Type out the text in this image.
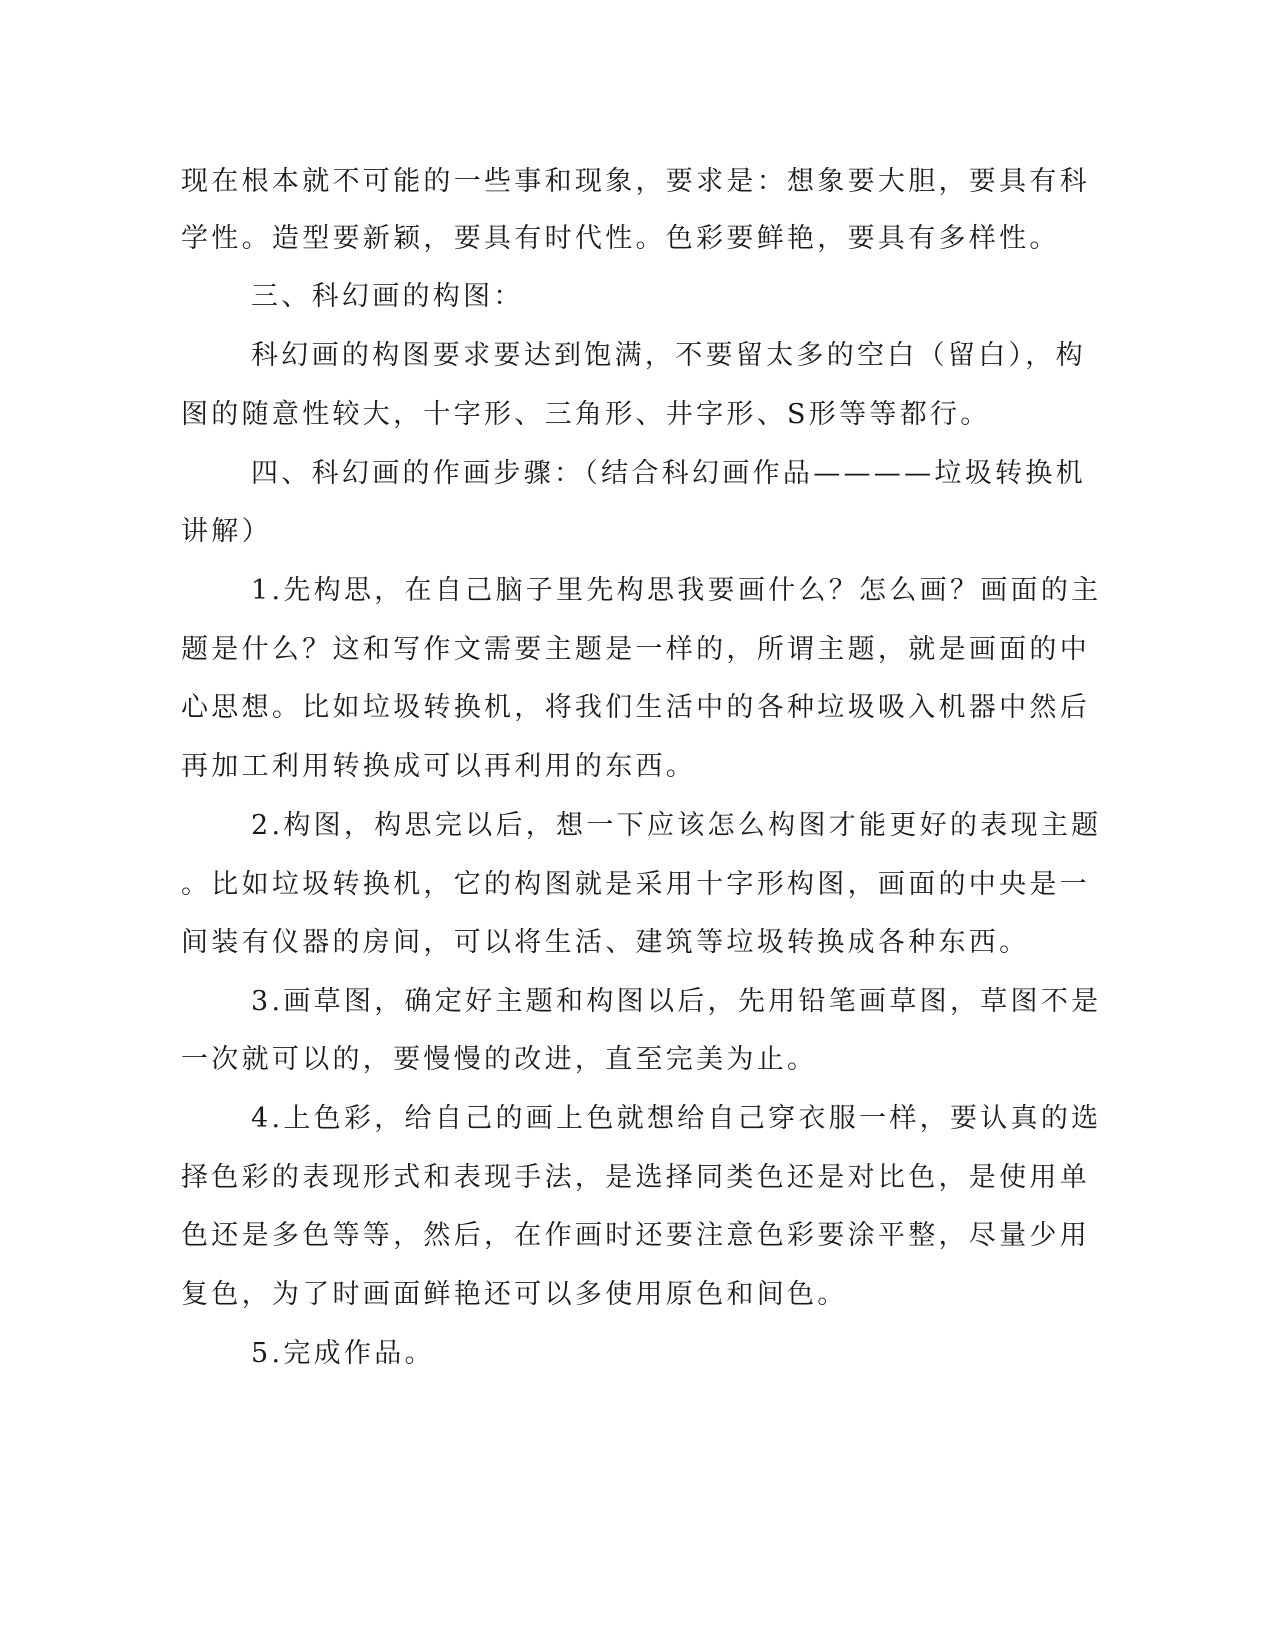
现在根本就不可能的一些事和现象，要求是：想象要大胆，要具有科
学性。造型要新颖，要具有时代性。色彩要鲜艳，要具有多样性。
三、科幻画的构图：
科幻画的构图要求要达到饱满，不要留太多的空白（留白），构
图的随意性较大，十字形、三角形、井字形、S形等等都行。
四、科幻画的作画步骤：（结合科幻画作品————垃圾转换机
讲解）
1.先构思，在自己脑子里先构思我要画什么？怎么画？画面的主
题是什么？这和写作文需要主题是一样的，所谓主题，就是画面的中
心思想。比如垃圾转换机，将我们生活中的各种垃圾吸入机器中然后
再加工利用转换成可以再利用的东西。
2.构图，构思完以后，想一下应该怎么构图才能更好的表现主题
。比如垃圾转换机，它的构图就是采用十字形构图，画面的中央是一
间装有仪器的房间，可以将生活、建筑等垃圾转换成各种东西。
3.画草图，确定好主题和构图以后，先用铅笔画草图，草图不是
一次就可以的，要慢慢的改进，直至完美为止。
4.上色彩，给自己的画上色就想给自己穿衣服一样，要认真的选
择色彩的表现形式和表现手法，是选择同类色还是对比色，是使用单
色还是多色等等，然后，在作画时还要注意色彩要涂平整，尽量少用
复色，为了时画面鲜艳还可以多使用原色和间色。
5.完成作品。
